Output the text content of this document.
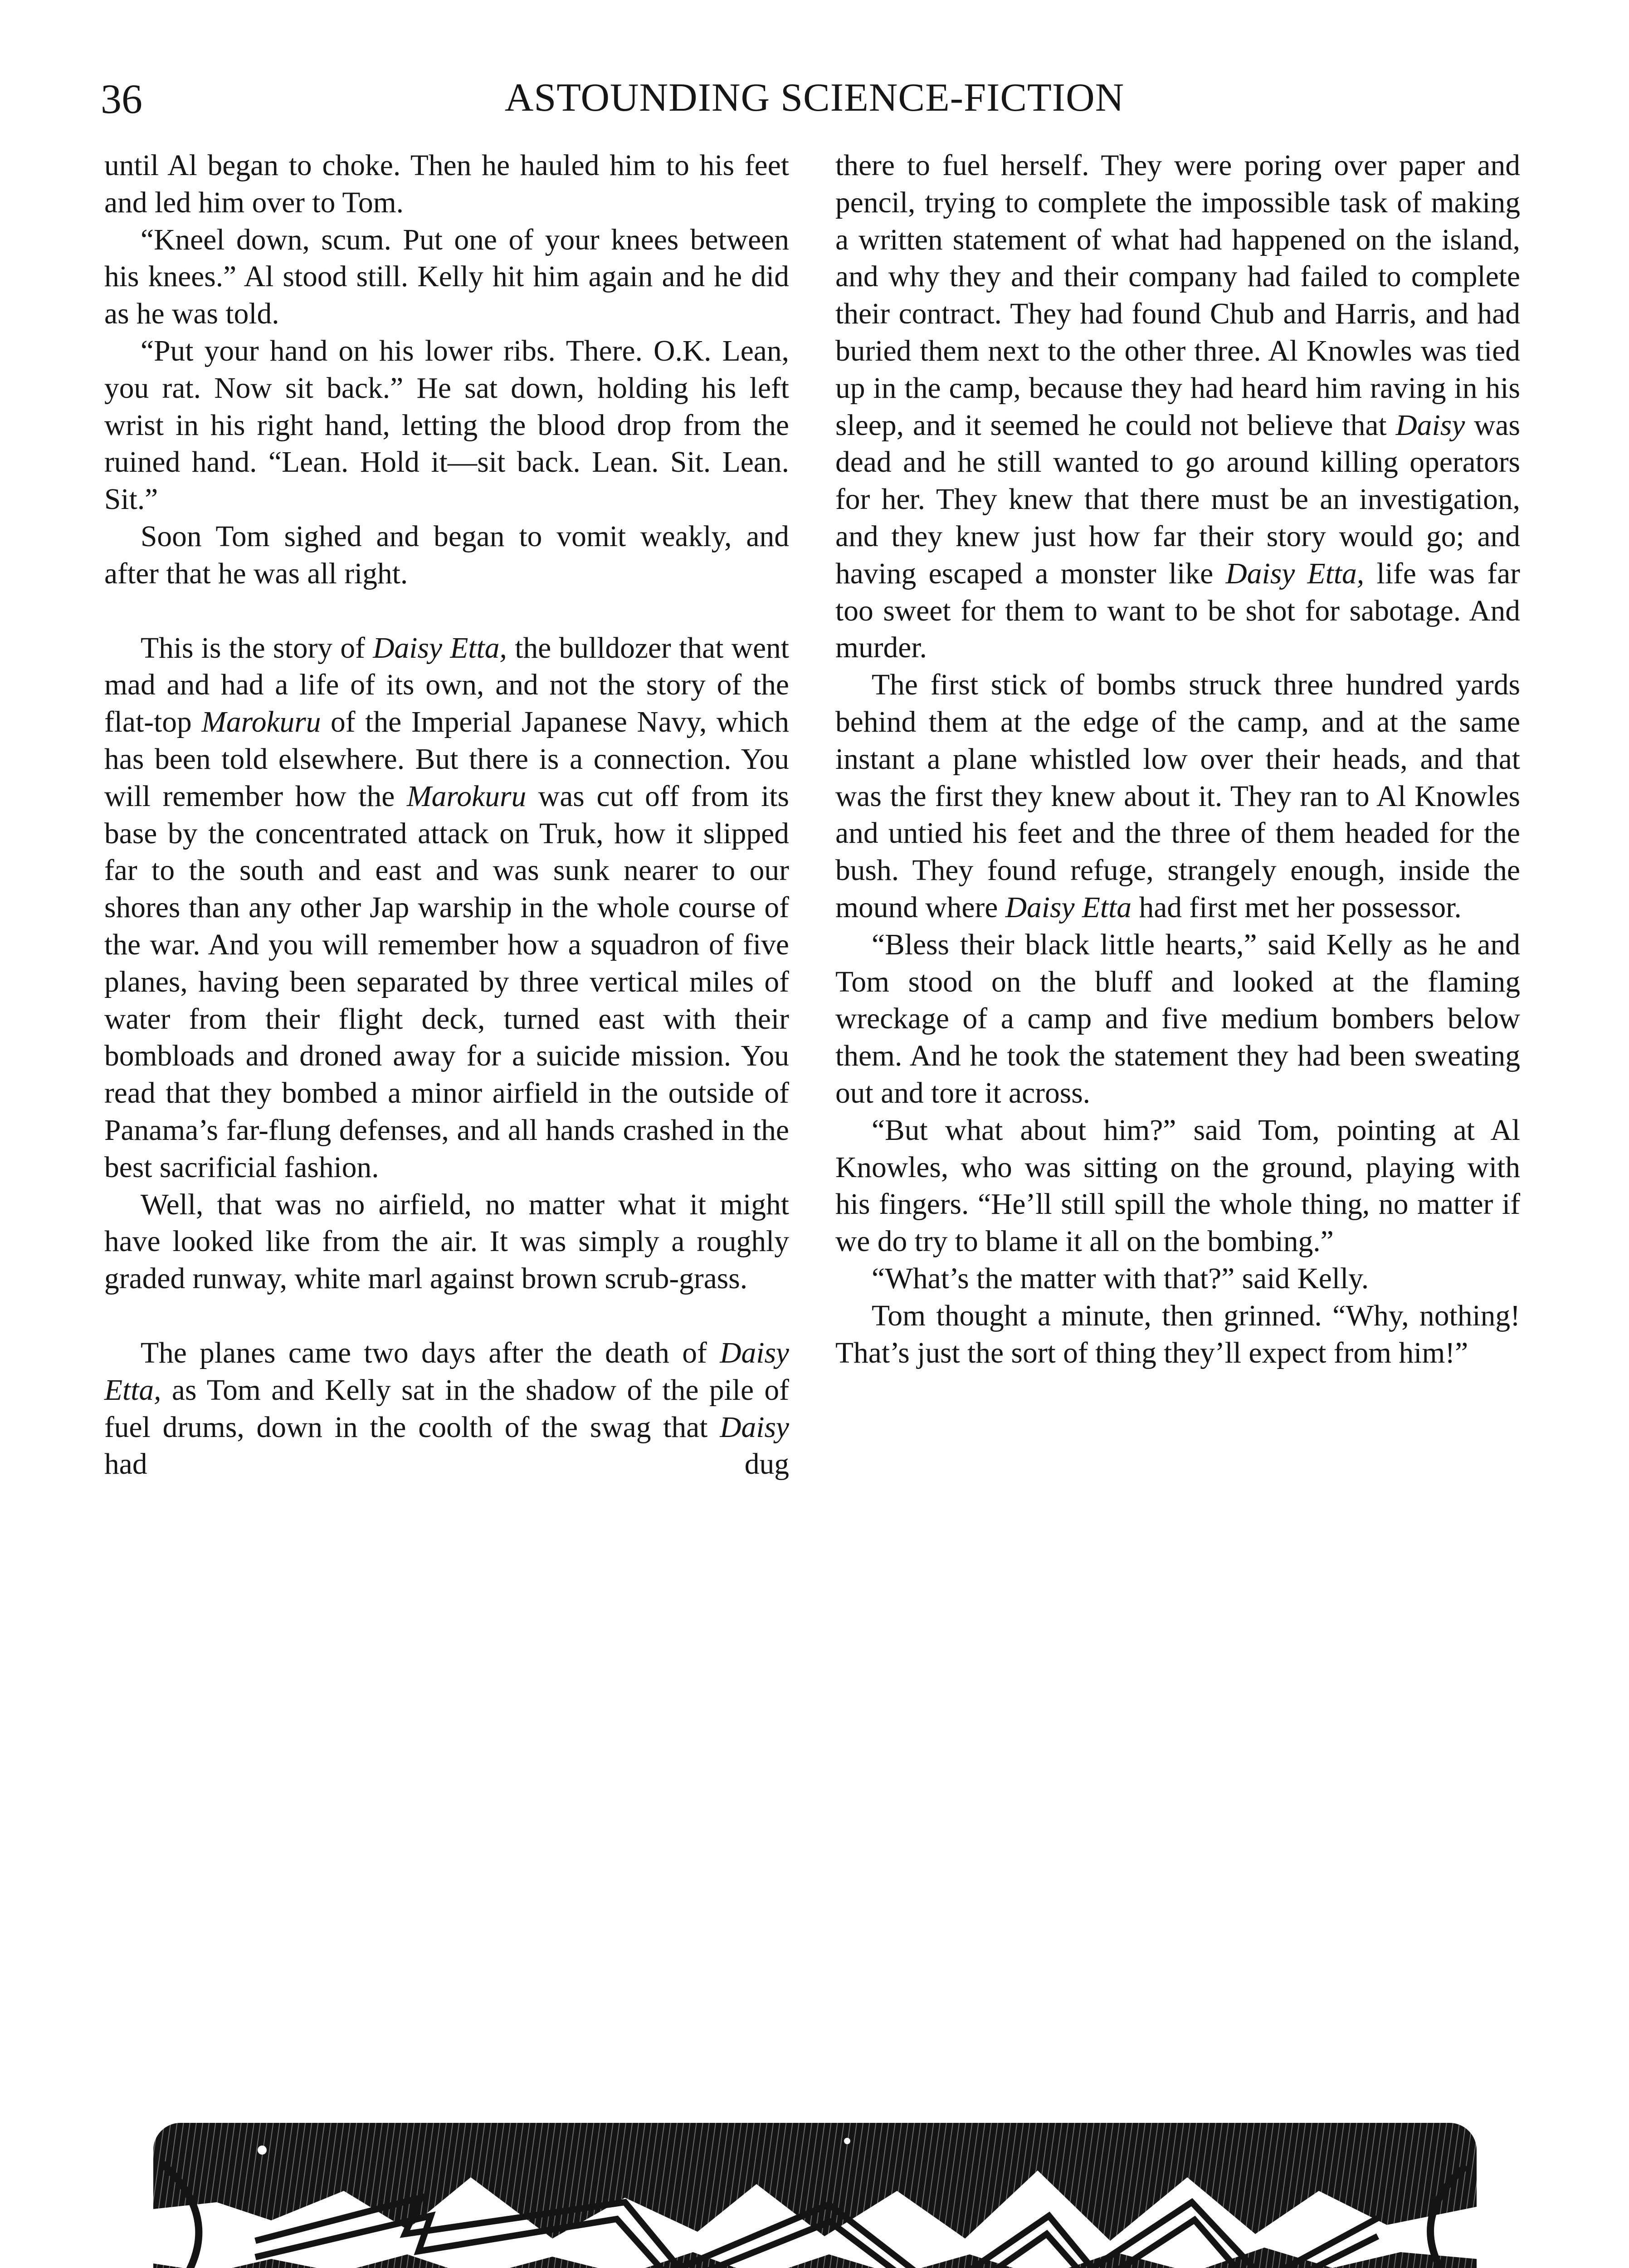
36	ASTOUNDING SCIENCE-FICTION

until Al began to choke. Then he hauled him to his feet and led him over to Tom.

“Kneel down, scum. Put one of your knees between his knees.” Al stood still. Kelly hit him again and he did as he was told.

“Put your hand on his lower ribs. There. O.K. Lean, you rat. Now sit back.” He sat down, holding his left wrist in his right hand, letting the blood drop from the ruined hand. “Lean. Hold it—sit back. Lean. Sit. Lean. Sit.”

Soon Tom sighed and began to vomit weakly, and after that he was all right.

This is the story of Daisy Etta, the bulldozer that went mad and had a life of its own, and not the story of the flat-top Marokuru of the Imperial Japanese Navy, which has been told elsewhere. But there is a connection. You will remember how the Marokuru was cut off from its base by the concentrated attack on Truk, how it slipped far to the south and east and was sunk nearer to our shores than any other Jap warship in the whole course of the war. And you will remember how a squadron of five planes, having been separated by three vertical miles of water from their flight deck, turned east with their bombloads and droned away for a suicide mission. You read that they bombed a minor airfield in the outside of Panama’s far-flung defenses, and all hands crashed in the best sacrificial fashion.

Well, that was no airfield, no matter what it might have looked like from the air. It was simply a roughly graded runway, white marl against brown scrub-grass.

The planes came two days after the death of Daisy Etta, as Tom and Kelly sat in the shadow of the pile of fuel drums, down in the coolth of the swag that Daisy had dug

there to fuel herself. They were poring over paper and pencil, trying to complete the impossible task of making a written statement of what had happened on the island, and why they and their company had failed to complete their contract. They had found Chub and Harris, and had buried them next to the other three. Al Knowles was tied up in the camp, because they had heard him raving in his sleep, and it seemed he could not believe that Daisy was dead and he still wanted to go around killing operators for her. They knew that there must be an investigation, and they knew just how far their story would go; and having escaped a monster like Daisy Etta, life was far too sweet for them to want to be shot for sabotage. And murder.

The first stick of bombs struck three hundred yards behind them at the edge of the camp, and at the same instant a plane whistled low over their heads, and that was the first they knew about it. They ran to Al Knowles and untied his feet and the three of them headed for the bush. They found refuge, strangely enough, inside the mound where Daisy Etta had first met her possessor.

“Bless their black little hearts,” said Kelly as he and Tom stood on the bluff and looked at the flaming wreckage of a camp and five medium bombers below them. And he took the statement they had been sweating out and tore it across.

“But what about him?” said Tom, pointing at Al Knowles, who was sitting on the ground, playing with his fingers. “He’ll still spill the whole thing, no matter if we do try to blame it all on the bombing.”

“What’s the matter with that?” said Kelly.

Tom thought a minute, then grinned. “Why, nothing! That’s just the sort of thing they’ll expect from him!”
